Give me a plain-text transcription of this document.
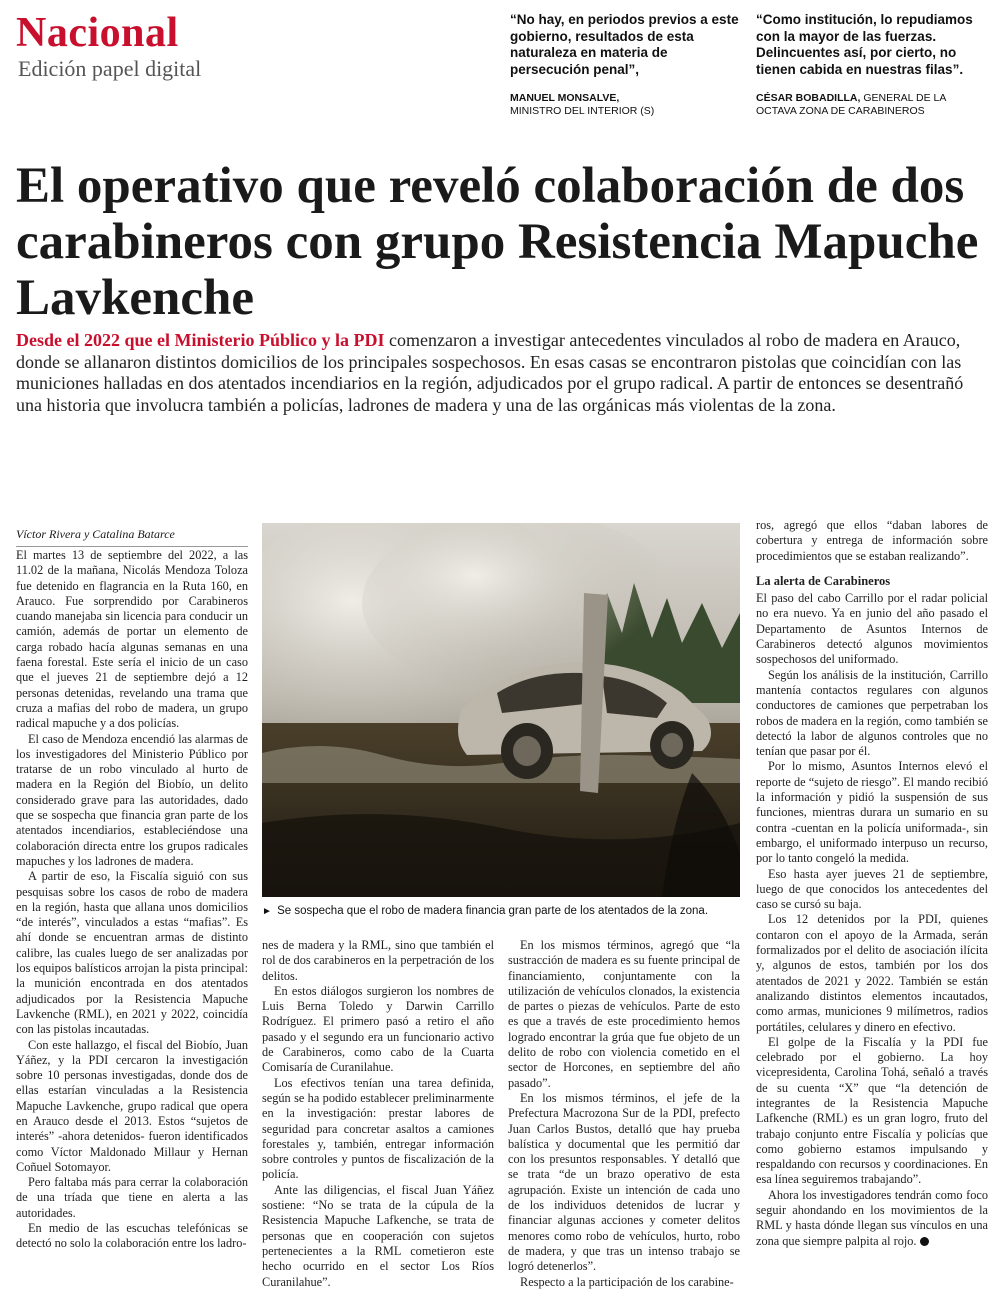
Nacional
Edición papel digital
“No hay, en periodos previos a este gobierno, resultados de esta naturaleza en materia de persecución penal”,
MANUEL MONSALVE,
MINISTRO DEL INTERIOR (S)
“Como institución, lo repudiamos con la mayor de las fuerzas. Delincuentes así, por cierto, no tienen cabida en nuestras filas”.
CÉSAR BOBADILLA, GENERAL DE LA OCTAVA ZONA DE CARABINEROS
El operativo que reveló colaboración de dos carabineros con grupo Resistencia Mapuche Lavkenche
Desde el 2022 que el Ministerio Público y la PDI comenzaron a investigar antecedentes vinculados al robo de madera en Arauco, donde se allanaron distintos domicilios de los principales sospechosos. En esas casas se encontraron pistolas que coincidían con las municiones halladas en dos atentados incendiarios en la región, adjudicados por el grupo radical. A partir de entonces se desentrañó una historia que involucra también a policías, ladrones de madera y una de las orgánicas más violentas de la zona.
Víctor Rivera y Catalina Batarce

El martes 13 de septiembre del 2022, a las 11.02 de la mañana, Nicolás Mendoza Toloza fue detenido en flagrancia en la Ruta 160, en Arauco. Fue sorprendido por Carabineros cuando manejaba sin licencia para conducir un camión, además de portar un elemento de carga robado hacía algunas semanas en una faena forestal. Este sería el inicio de un caso que el jueves 21 de septiembre dejó a 12 personas detenidas, revelando una trama que cruza a mafias del robo de madera, un grupo radical mapuche y a dos policías.

El caso de Mendoza encendió las alarmas de los investigadores del Ministerio Público por tratarse de un robo vinculado al hurto de madera en la Región del Biobío, un delito considerado grave para las autoridades, dado que se sospecha que financia gran parte de los atentados incendiarios, estableciéndose una colaboración directa entre los grupos radicales mapuches y los ladrones de madera.

A partir de eso, la Fiscalía siguió con sus pesquisas sobre los casos de robo de madera en la región, hasta que allana unos domicilios “de interés”, vinculados a estas “mafias”. Es ahí donde se encuentran armas de distinto calibre, las cuales luego de ser analizadas por los equipos balísticos arrojan la pista principal: la munición encontrada en dos atentados adjudicados por la Resistencia Mapuche Lavkenche (RML), en 2021 y 2022, coincidía con las pistolas incautadas.

Con este hallazgo, el fiscal del Biobío, Juan Yáñez, y la PDI cercaron la investigación sobre 10 personas investigadas, donde dos de ellas estarían vinculadas a la Resistencia Mapuche Lavkenche, grupo radical que opera en Arauco desde el 2013. Estos “sujetos de interés” -ahora detenidos- fueron identificados como Víctor Maldonado Millaur y Hernan Coñuel Sotomayor.

Pero faltaba más para cerrar la colaboración de una tríada que tiene en alerta a las autoridades.

En medio de las escuchas telefónicas se detectó no solo la colaboración entre los ladro-

► Se sospecha que el robo de madera financia gran parte de los atentados de la zona.

nes de madera y la RML, sino que también el rol de dos carabineros en la perpetración de los delitos.

En estos diálogos surgieron los nombres de Luis Berna Toledo y Darwin Carrillo Rodríguez. El primero pasó a retiro el año pasado y el segundo era un funcionario activo de Carabineros, como cabo de la Cuarta Comisaría de Curanilahue.

Los efectivos tenían una tarea definida, según se ha podido establecer preliminarmente en la investigación: prestar labores de seguridad para concretar asaltos a camiones forestales y, también, entregar información sobre controles y puntos de fiscalización de la policía.

Ante las diligencias, el fiscal Juan Yáñez sostiene: “No se trata de la cúpula de la Resistencia Mapuche Lafkenche, se trata de personas que en cooperación con sujetos pertenecientes a la RML cometieron este hecho ocurrido en el sector Los Ríos Curanilahue”.

En los mismos términos, agregó que “la sustracción de madera es su fuente principal de financiamiento, conjuntamente con la utilización de vehículos clonados, la existencia de partes o piezas de vehículos. Parte de esto es que a través de este procedimiento hemos logrado encontrar la grúa que fue objeto de un delito de robo con violencia cometido en el sector de Horcones, en septiembre del año pasado”.

En los mismos términos, el jefe de la Prefectura Macrozona Sur de la PDI, prefecto Juan Carlos Bustos, detalló que hay prueba balística y documental que les permitió dar con los presuntos responsables. Y detalló que se trata “de un brazo operativo de esta agrupación. Existe un intención de cada uno de los individuos detenidos de lucrar y financiar algunas acciones y cometer delitos menores como robo de vehículos, hurto, robo de madera, y que tras un intenso trabajo se logró detenerlos”.

Respecto a la participación de los carabine-

ros, agregó que ellos “daban labores de cobertura y entrega de información sobre procedimientos que se estaban realizando”.

La alerta de Carabineros

El paso del cabo Carrillo por el radar policial no era nuevo. Ya en junio del año pasado el Departamento de Asuntos Internos de Carabineros detectó algunos movimientos sospechosos del uniformado.

Según los análisis de la institución, Carrillo mantenía contactos regulares con algunos conductores de camiones que perpetraban los robos de madera en la región, como también se detectó la labor de algunos controles que no tenían que pasar por él.

Por lo mismo, Asuntos Internos elevó el reporte de “sujeto de riesgo”. El mando recibió la información y pidió la suspensión de sus funciones, mientras durara un sumario en su contra -cuentan en la policía uniformada-, sin embargo, el uniformado interpuso un recurso, por lo tanto congeló la medida.

Eso hasta ayer jueves 21 de septiembre, luego de que conocidos los antecedentes del caso se cursó su baja.

Los 12 detenidos por la PDI, quienes contaron con el apoyo de la Armada, serán formalizados por el delito de asociación ilícita y, algunos de estos, también por los dos atentados de 2021 y 2022. También se están analizando distintos elementos incautados, como armas, municiones 9 milímetros, radios portátiles, celulares y dinero en efectivo.

El golpe de la Fiscalía y la PDI fue celebrado por el gobierno. La hoy vicepresidenta, Carolina Tohá, señaló a través de su cuenta “X” que “la detención de integrantes de la Resistencia Mapuche Lafkenche (RML) es un gran logro, fruto del trabajo conjunto entre Fiscalía y policías que como gobierno estamos impulsando y respaldando con recursos y coordinaciones. En esa línea seguiremos trabajando”.

Ahora los investigadores tendrán como foco seguir ahondando en los movimientos de la RML y hasta dónde llegan sus vínculos en una zona que siempre palpita al rojo.
